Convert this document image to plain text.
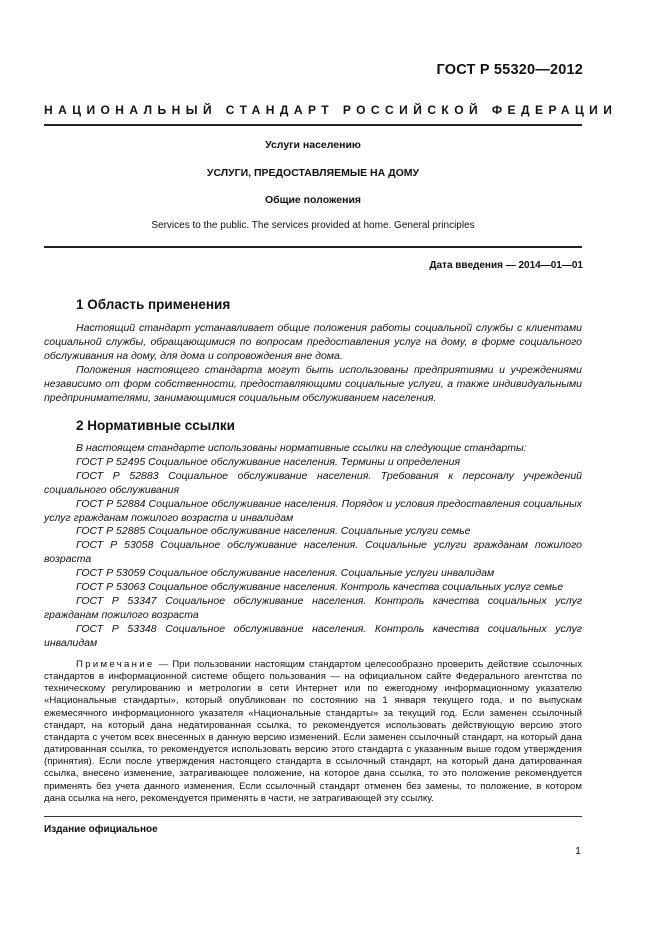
ГОСТ Р 55320—2012
НАЦИОНАЛЬНЫЙ СТАНДАРТ РОССИЙСКОЙ ФЕДЕРАЦИИ
Услуги населению
УСЛУГИ, ПРЕДОСТАВЛЯЕМЫЕ НА ДОМУ
Общие положения
Services to the public. The services provided at home. General principles
Дата введения — 2014—01—01
1 Область применения

Настоящий стандарт устанавливает общие положения работы социальной службы с клиентами социальной службы, обращающимися по вопросам предоставления услуг на дому, в форме социального обслуживания на дому, для дома и сопровождения вне дома.

Положения настоящего стандарта могут быть использованы предприятиями и учреждениями независимо от форм собственности, предоставляющими социальные услуги, а также индивидуальными предпринимателями, занимающимися социальным обслуживанием населения.

2 Нормативные ссылки

В настоящем стандарте использованы нормативные ссылки на следующие стандарты:

ГОСТ Р 52495 Социальное обслуживание населения. Термины и определения

ГОСТ Р 52883 Социальное обслуживание населения. Требования к персоналу учреждений социального обслуживания

ГОСТ Р 52884 Социальное обслуживание населения. Порядок и условия предоставления социальных услуг гражданам пожилого возраста и инвалидам

ГОСТ Р 52885 Социальное обслуживание населения. Социальные услуги семье

ГОСТ Р 53058 Социальное обслуживание населения. Социальные услуги гражданам пожилого возраста

ГОСТ Р 53059 Социальное обслуживание населения. Социальные услуги инвалидам

ГОСТ Р 53063 Социальное обслуживание населения. Контроль качества социальных услуг семье

ГОСТ Р 53347 Социальное обслуживание населения. Контроль качества социальных услуг гражданам пожилого возраста

ГОСТ Р 53348 Социальное обслуживание населения. Контроль качества социальных услуг инвалидам

Примечание — При пользовании настоящим стандартом целесообразно проверить действие ссылочных стандартов в информационной системе общего пользования — на официальном сайте Федерального агентства по техническому регулированию и метрологии в сети Интернет или по ежегодному информационному указателю «Национальные стандарты», который опубликован по состоянию на 1 января текущего года, и по выпускам ежемесячного информационного указателя «Национальные стандарты» за текущий год. Если заменен ссылочный стандарт, на который дана недатированная ссылка, то рекомендуется использовать действующую версию этого стандарта с учетом всех внесенных в данную версию изменений. Если заменен ссылочный стандарт, на который дана датированная ссылка, то рекомендуется использовать версию этого стандарта с указанным выше годом утверждения (принятия). Если после утверждения настоящего стандарта в ссылочный стандарт, на который дана датированная ссылка, внесено изменение, затрагивающее положение, на которое дана ссылка, то это положение рекомендуется применять без учета данного изменения. Если ссылочный стандарт отменен без замены, то положение, в котором дана ссылка на него, рекомендуется применять в части, не затрагивающей эту ссылку.

Издание официальное
1
